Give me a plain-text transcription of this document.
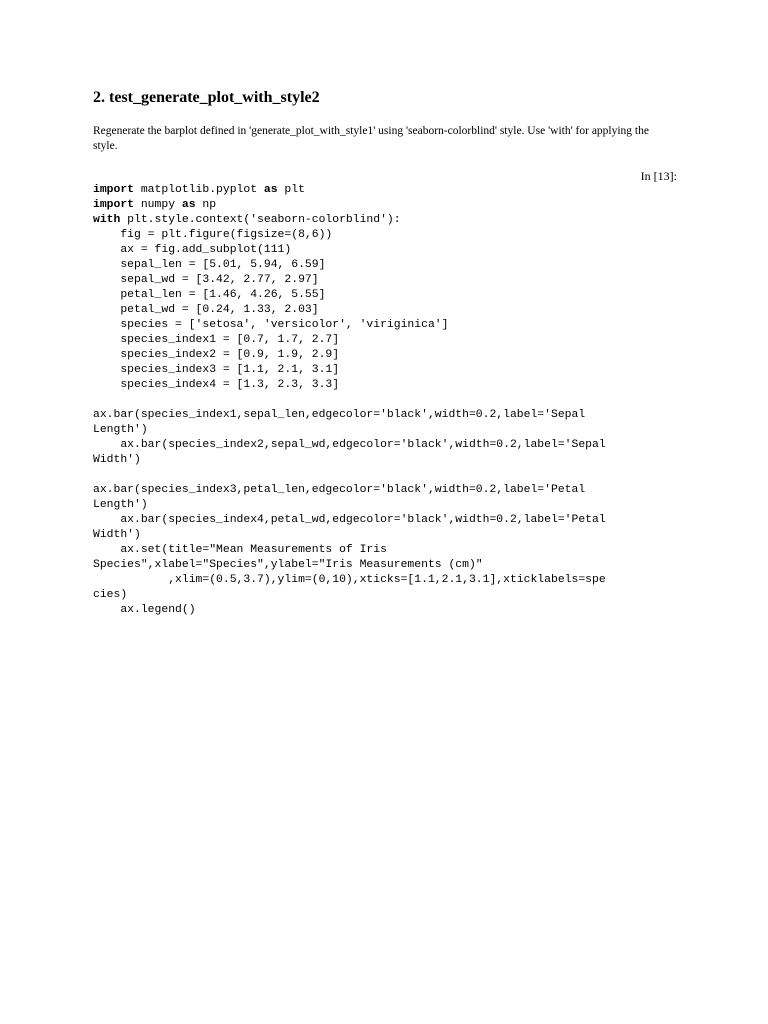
2. test_generate_plot_with_style2

Regenerate the barplot defined in 'generate_plot_with_style1' using 'seaborn-colorblind' style. Use 'with' for applying the style.

In [13]:
import matplotlib.pyplot as plt
import numpy as np
with plt.style.context('seaborn-colorblind'):
fig = plt.figure(figsize=(8,6))
ax = fig.add_subplot(111)
sepal_len = [5.01, 5.94, 6.59]
sepal_wd = [3.42, 2.77, 2.97]
petal_len = [1.46, 4.26, 5.55]
petal_wd = [0.24, 1.33, 2.03]
species = ['setosa', 'versicolor', 'viriginica']
species_index1 = [0.7, 1.7, 2.7]
species_index2 = [0.9, 1.9, 2.9]
species_index3 = [1.1, 2.1, 3.1]
species_index4 = [1.3, 2.3, 3.3]
ax.bar(species_index1,sepal_len,edgecolor='black',width=0.2,label='Sepal
Length')
ax.bar(species_index2,sepal_wd,edgecolor='black',width=0.2,label='Sepal
Width')
ax.bar(species_index3,petal_len,edgecolor='black',width=0.2,label='Petal
Length')
ax.bar(species_index4,petal_wd,edgecolor='black',width=0.2,label='Petal
Width')
ax.set(title="Mean Measurements of Iris
Species",xlabel="Species",ylabel="Iris Measurements (cm)"
,xlim=(0.5,3.7),ylim=(0,10),xticks=[1.1,2.1,3.1],xticklabels=spe
cies)
ax.legend()
